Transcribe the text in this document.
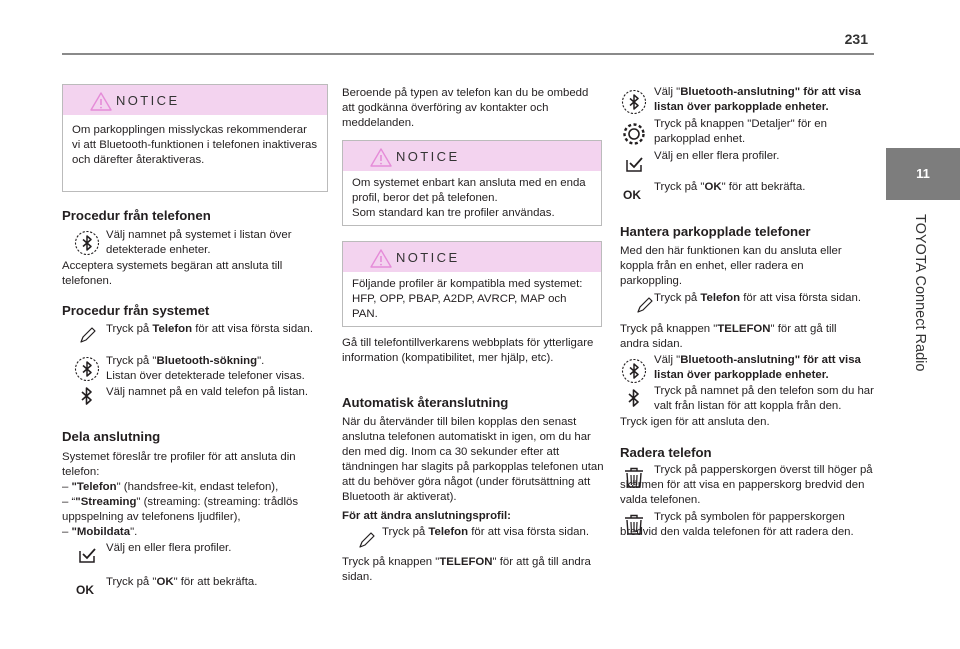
231
11
TOYOTA Connect Radio
NOTICE
Om parkopplingen misslyckas rekommenderar vi att Bluetooth-funktionen i telefonen inaktiveras och därefter återaktiveras.
Procedur från telefonen

Välj namnet på systemet i listan över detekterade enheter.

Acceptera systemets begäran att ansluta till telefonen.

Procedur från systemet

Tryck på Telefon för att visa första sidan.

Tryck på "Bluetooth-sökning".

Listan över detekterade telefoner visas.

Välj namnet på en vald telefon på listan.

Dela anslutning

Systemet föreslår tre profiler för att ansluta din telefon:

– "Telefon" (handsfree-kit, endast telefon),

– “"Streaming" (streaming: (streaming: trådlös uppspelning av telefonens ljudfiler),

– "Mobildata".

Välj en eller flera profiler.

OK

Tryck på "OK" för att bekräfta.

Beroende på typen av telefon kan du be ombedd att godkänna överföring av kontakter och meddelanden.

NOTICE
Om systemet enbart kan ansluta med en enda profil, beror det på telefonen.
Som standard kan tre profiler användas.
NOTICE
Följande profiler är kompatibla med systemet: HFP, OPP, PBAP, A2DP, AVRCP, MAP och PAN.

Gå till telefontillverkarens webbplats för ytterligare information (kompatibilitet, mer hjälp, etc).

Automatisk återanslutning

När du återvänder till bilen kopplas den senast anslutna telefonen automatiskt in igen, om du har den med dig. Inom ca 30 sekunder efter att tändningen har slagits på parkopplas telefonen utan att du behöver göra något (under förutsättning att Bluetooth är aktiverat).

För att ändra anslutningsprofil:

Tryck på Telefon för att visa första sidan.

Tryck på knappen "TELEFON" för att gå till andra sidan.

Välj "Bluetooth-anslutning" för att visa listan över parkopplade enheter.

Tryck på knappen "Detaljer" för en parkopplad enhet.

Välj en eller flera profiler.

OK

Tryck på "OK" för att bekräfta.

Hantera parkopplade telefoner

Med den här funktionen kan du ansluta eller koppla från en enhet, eller radera en parkoppling.

Tryck på Telefon för att visa första sidan.

Tryck på knappen "TELEFON" för att gå till andra sidan.

Välj "Bluetooth-anslutning" för att visa listan över parkopplade enheter.

Tryck på namnet på den telefon som du har valt från listan för att koppla från den.

Tryck igen för att ansluta den.

Radera telefon

Tryck på papperskorgen överst till höger på skärmen för att visa en papperskorg bredvid den valda telefonen.

Tryck på symbolen för papperskorgen bredvid den valda telefonen för att radera den.
